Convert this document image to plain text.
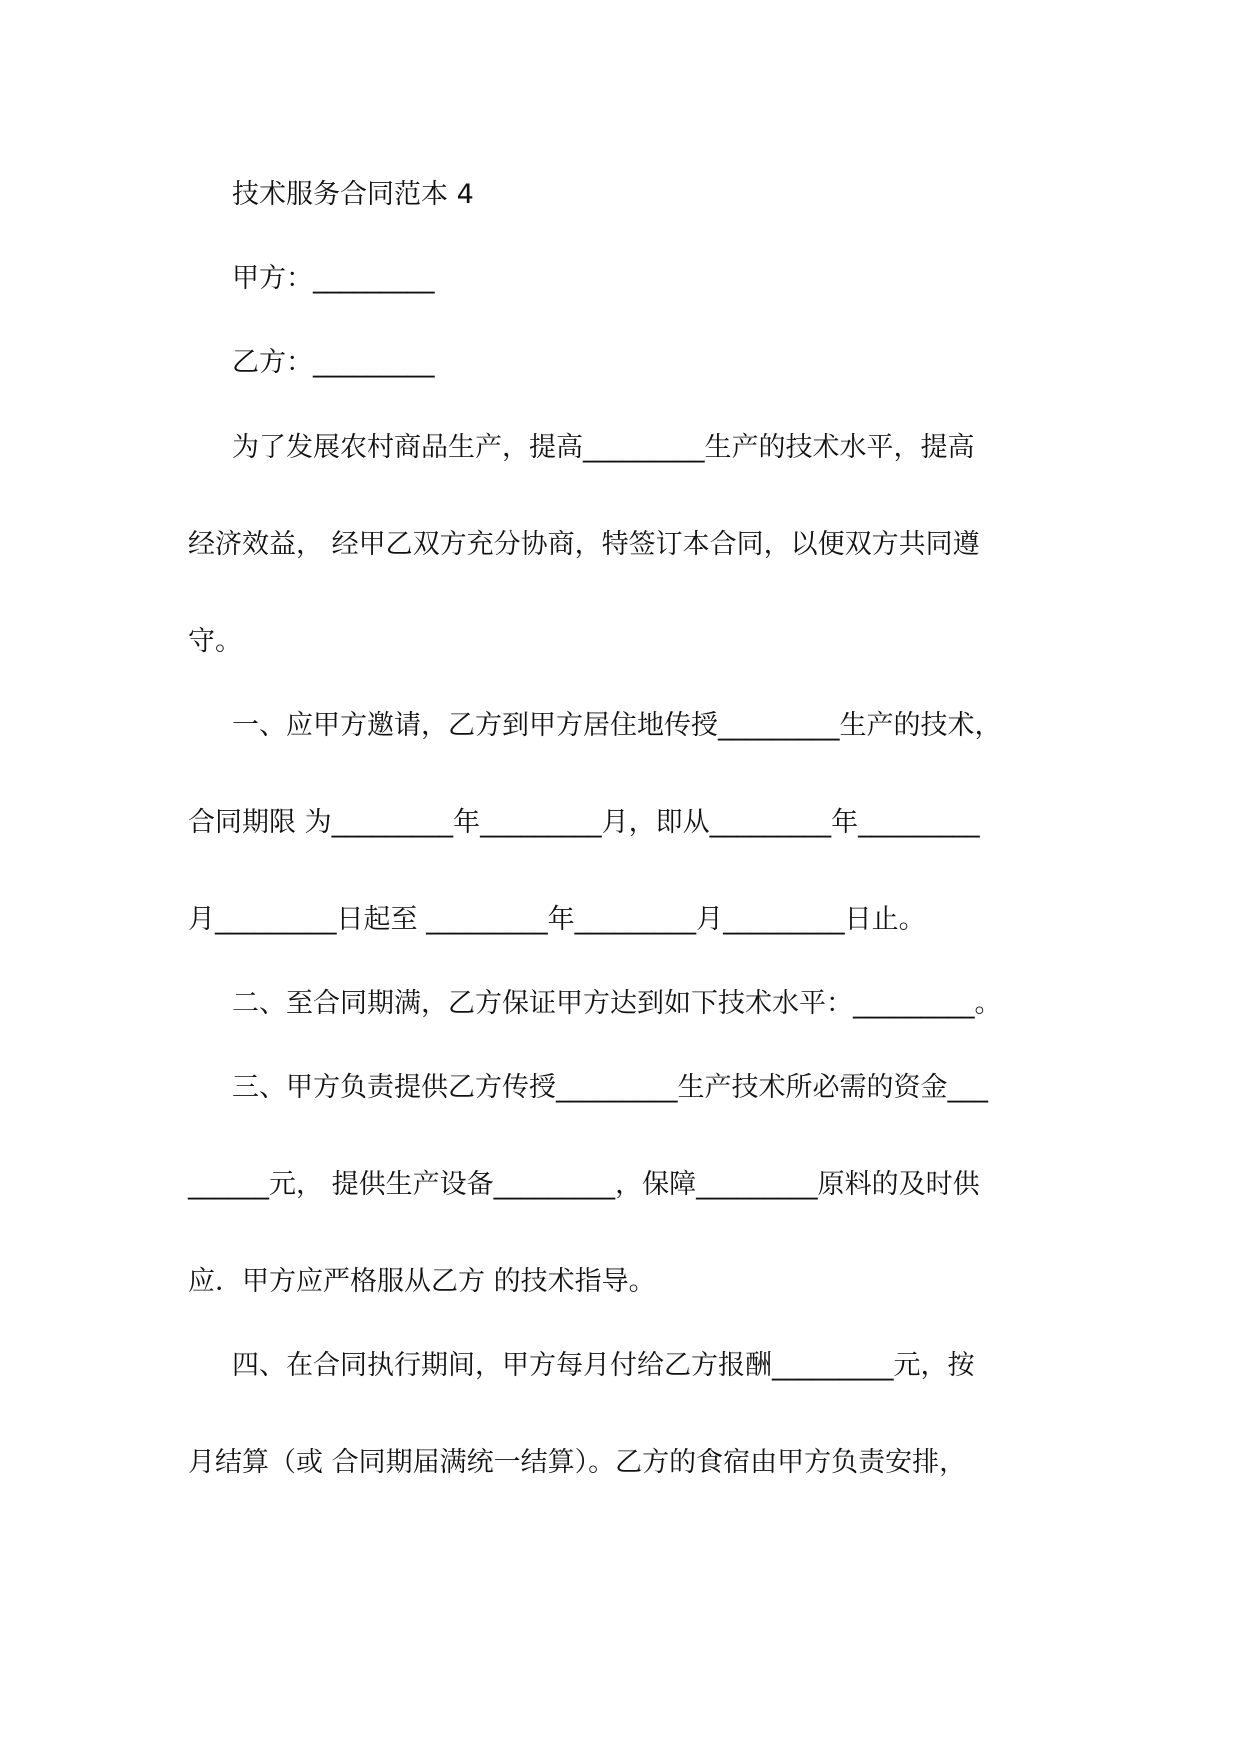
技术服务合同范本 4
甲方：_________
乙方：_________
为了发展农村商品生产，提高_________生产的技术水平，提高
经济效益， 经甲乙双方充分协商，特签订本合同，以便双方共同遵
守。
一、应甲方邀请，乙方到甲方居住地传授_________生产的技术，
合同期限 为_________年_________月，即从_________年_________
月_________日起至 _________年_________月_________日止。
二、至合同期满，乙方保证甲方达到如下技术水平：_________。
三、甲方负责提供乙方传授_________生产技术所必需的资金___
______元， 提供生产设备_________，保障_________原料的及时供
应．甲方应严格服从乙方 的技术指导。
四、在合同执行期间，甲方每月付给乙方报酬_________元，按
月结算（或 合同期届满统一结算）。乙方的食宿由甲方负责安排，
